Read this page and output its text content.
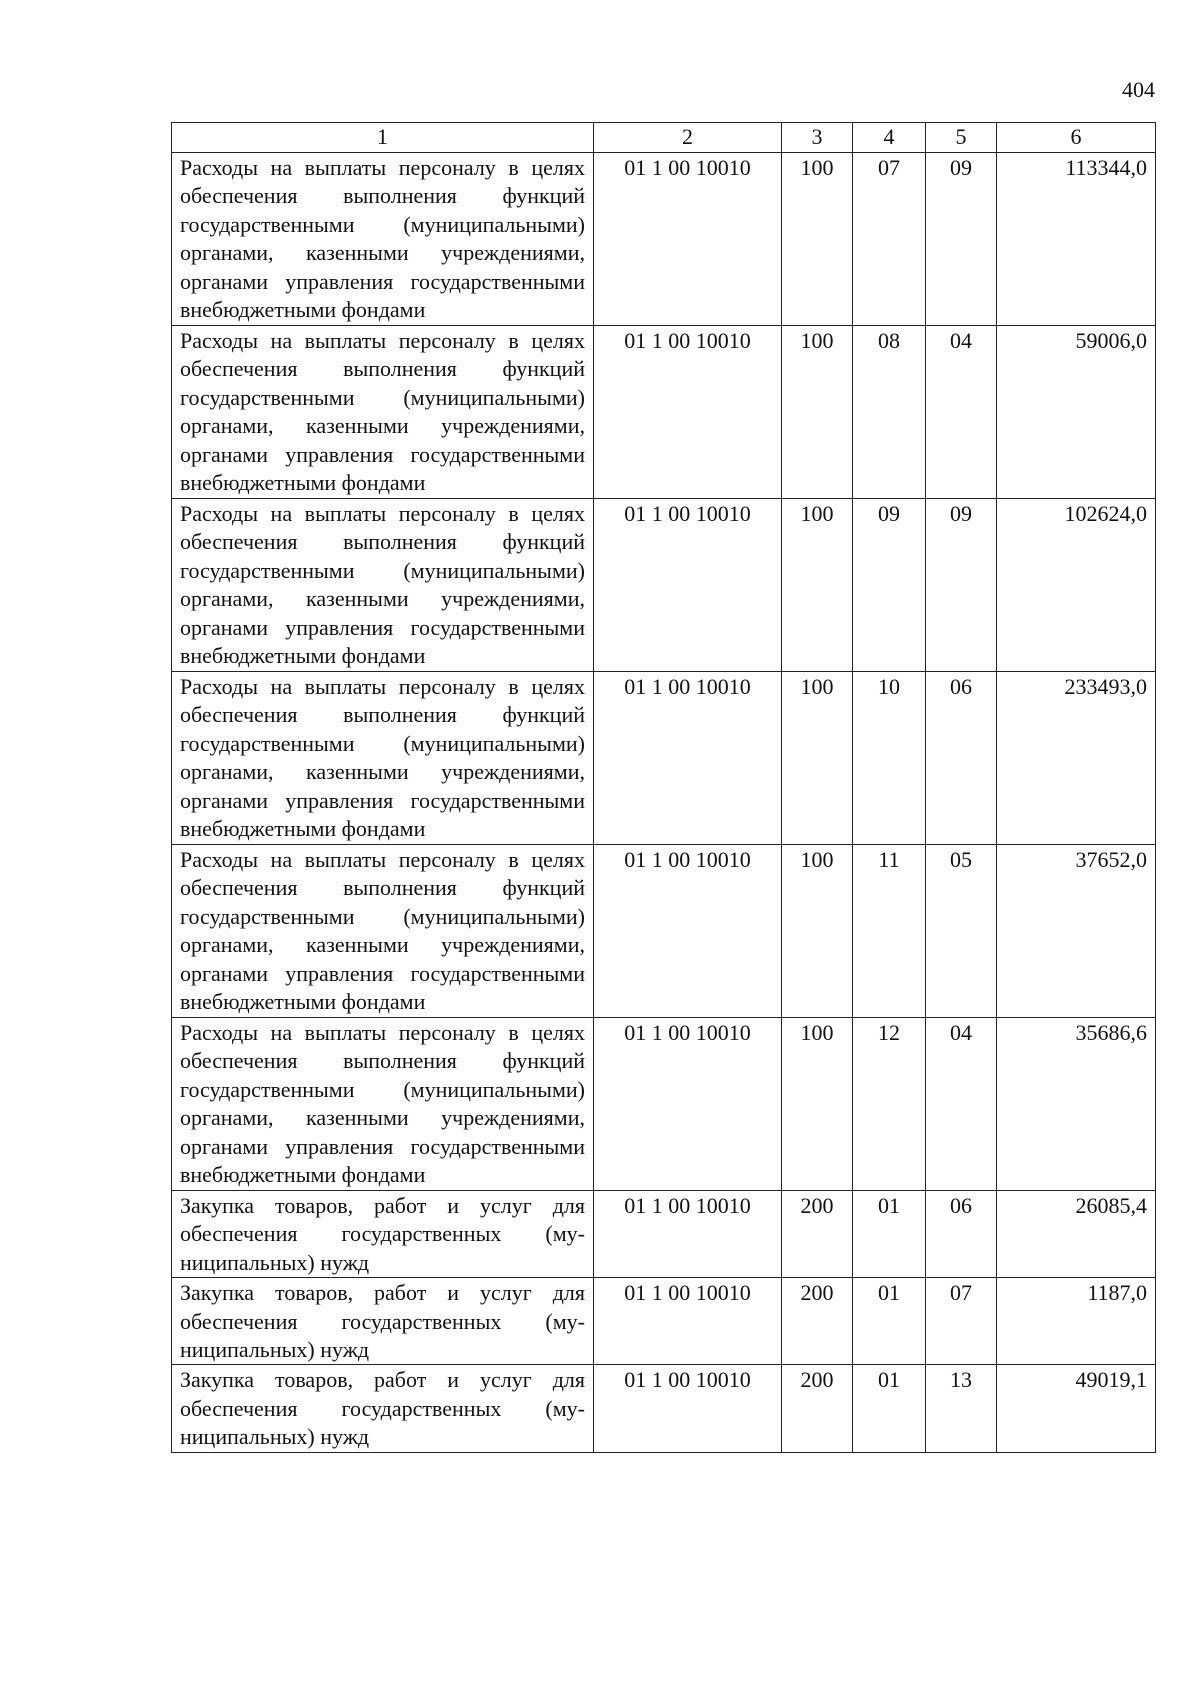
404
1	2	3	4	5	6
Расходы на выплаты персоналу в целях обеспечения выполнения функций государственными (муниципальными) органами, казенными учреждениями, органами управления государственными внебюджетными фондами	01 1 00 10010	100	07	09	113344,0
Расходы на выплаты персоналу в целях обеспечения выполнения функций государственными (муниципальными) органами, казенными учреждениями, органами управления государственными внебюджетными фондами	01 1 00 10010	100	08	04	59006,0
Расходы на выплаты персоналу в целях обеспечения выполнения функций государственными (муниципальными) органами, казенными учреждениями, органами управления государственными внебюджетными фондами	01 1 00 10010	100	09	09	102624,0
Расходы на выплаты персоналу в целях обеспечения выполнения функций государственными (муниципальными) органами, казенными учреждениями, органами управления государственными внебюджетными фондами	01 1 00 10010	100	10	06	233493,0
Расходы на выплаты персоналу в целях обеспечения выполнения функций государственными (муниципальными) органами, казенными учреждениями, органами управления государственными внебюджетными фондами	01 1 00 10010	100	11	05	37652,0
Расходы на выплаты персоналу в целях обеспечения выполнения функций государственными (муниципальными) органами, казенными учреждениями, органами управления государственными внебюджетными фондами	01 1 00 10010	100	12	04	35686,6
Закупка товаров, работ и услуг для обеспечения государственных (муниципальных) нужд	01 1 00 10010	200	01	06	26085,4
Закупка товаров, работ и услуг для обеспечения государственных (муниципальных) нужд	01 1 00 10010	200	01	07	1187,0
Закупка товаров, работ и услуг для обеспечения государственных (муниципальных) нужд	01 1 00 10010	200	01	13	49019,1
